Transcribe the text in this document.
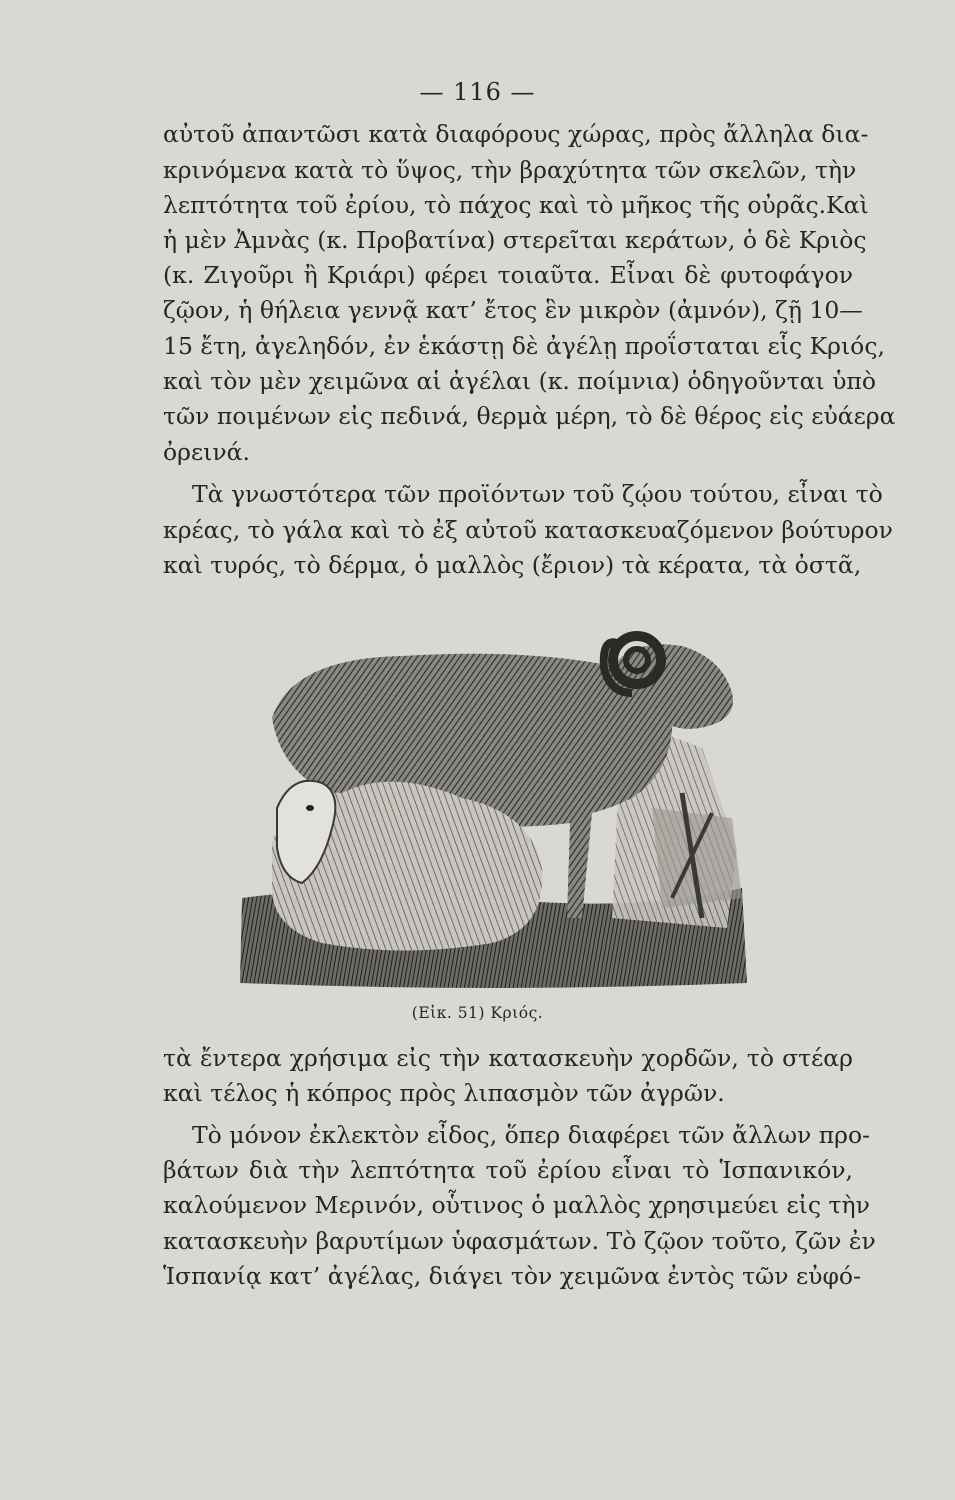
— 116 —
αὐτοῦ ἀπαντῶσι κατὰ διαφόρους χώρας, πρὸς ἄλληλα δια-
κρινόμενα κατὰ τὸ ὕψος, τὴν βραχύτητα τῶν σκελῶν, τὴν
λεπτότητα τοῦ ἐρίου, τὸ πάχος καὶ τὸ μῆκος τῆς οὐρᾶς.Καὶ
ἡ μὲν Ἀμνὰς (κ. Προβατίνα) στερεῖται κεράτων, ὁ δὲ Κριὸς
(κ. Ζιγοῦρι ἢ Κριάρι) φέρει τοιαῦτα. Εἶναι δὲ φυτοφάγον
ζῷον, ἡ θήλεια γεννᾷ κατ’ ἔτος ἓν μικρὸν (ἀμνόν), ζῇ 10—
15 ἔτη, ἀγεληδόν, ἐν ἑκάστῃ δὲ ἀγέλῃ προΐσταται εἷς Κριός,
καὶ τὸν μὲν χειμῶνα αἱ ἀγέλαι (κ. ποίμνια) ὁδηγοῦνται ὑπὸ
τῶν ποιμένων εἰς πεδινά, θερμὰ μέρη, τὸ δὲ θέρος εἰς εὐάερα
ὀρεινά.
Τὰ γνωστότερα τῶν προϊόντων τοῦ ζῴου τούτου, εἶναι τὸ
κρέας, τὸ γάλα καὶ τὸ ἐξ αὐτοῦ κατασκευαζόμενον βούτυρον
καὶ τυρός, τὸ δέρμα, ὁ μαλλὸς (ἔριον) τὰ κέρατα, τὰ ὀστᾶ,
(Εἰκ. 51) Κριός.
τὰ ἔντερα χρήσιμα εἰς τὴν κατασκευὴν χορδῶν, τὸ στέαρ
καὶ τέλος ἡ κόπρος πρὸς λιπασμὸν τῶν ἀγρῶν.
Τὸ μόνον ἐκλεκτὸν εἶδος, ὅπερ διαφέρει τῶν ἄλλων προ-
βάτων διὰ τὴν λεπτότητα τοῦ ἐρίου εἶναι τὸ Ἱσπανικόν,
καλούμενον Μερινόν, οὗτινος ὁ μαλλὸς χρησιμεύει εἰς τὴν
κατασκευὴν βαρυτίμων ὑφασμάτων. Τὸ ζῷον τοῦτο, ζῶν ἐν
Ἱσπανίᾳ κατ’ ἀγέλας, διάγει τὸν χειμῶνα ἐντὸς τῶν εὐφό-
